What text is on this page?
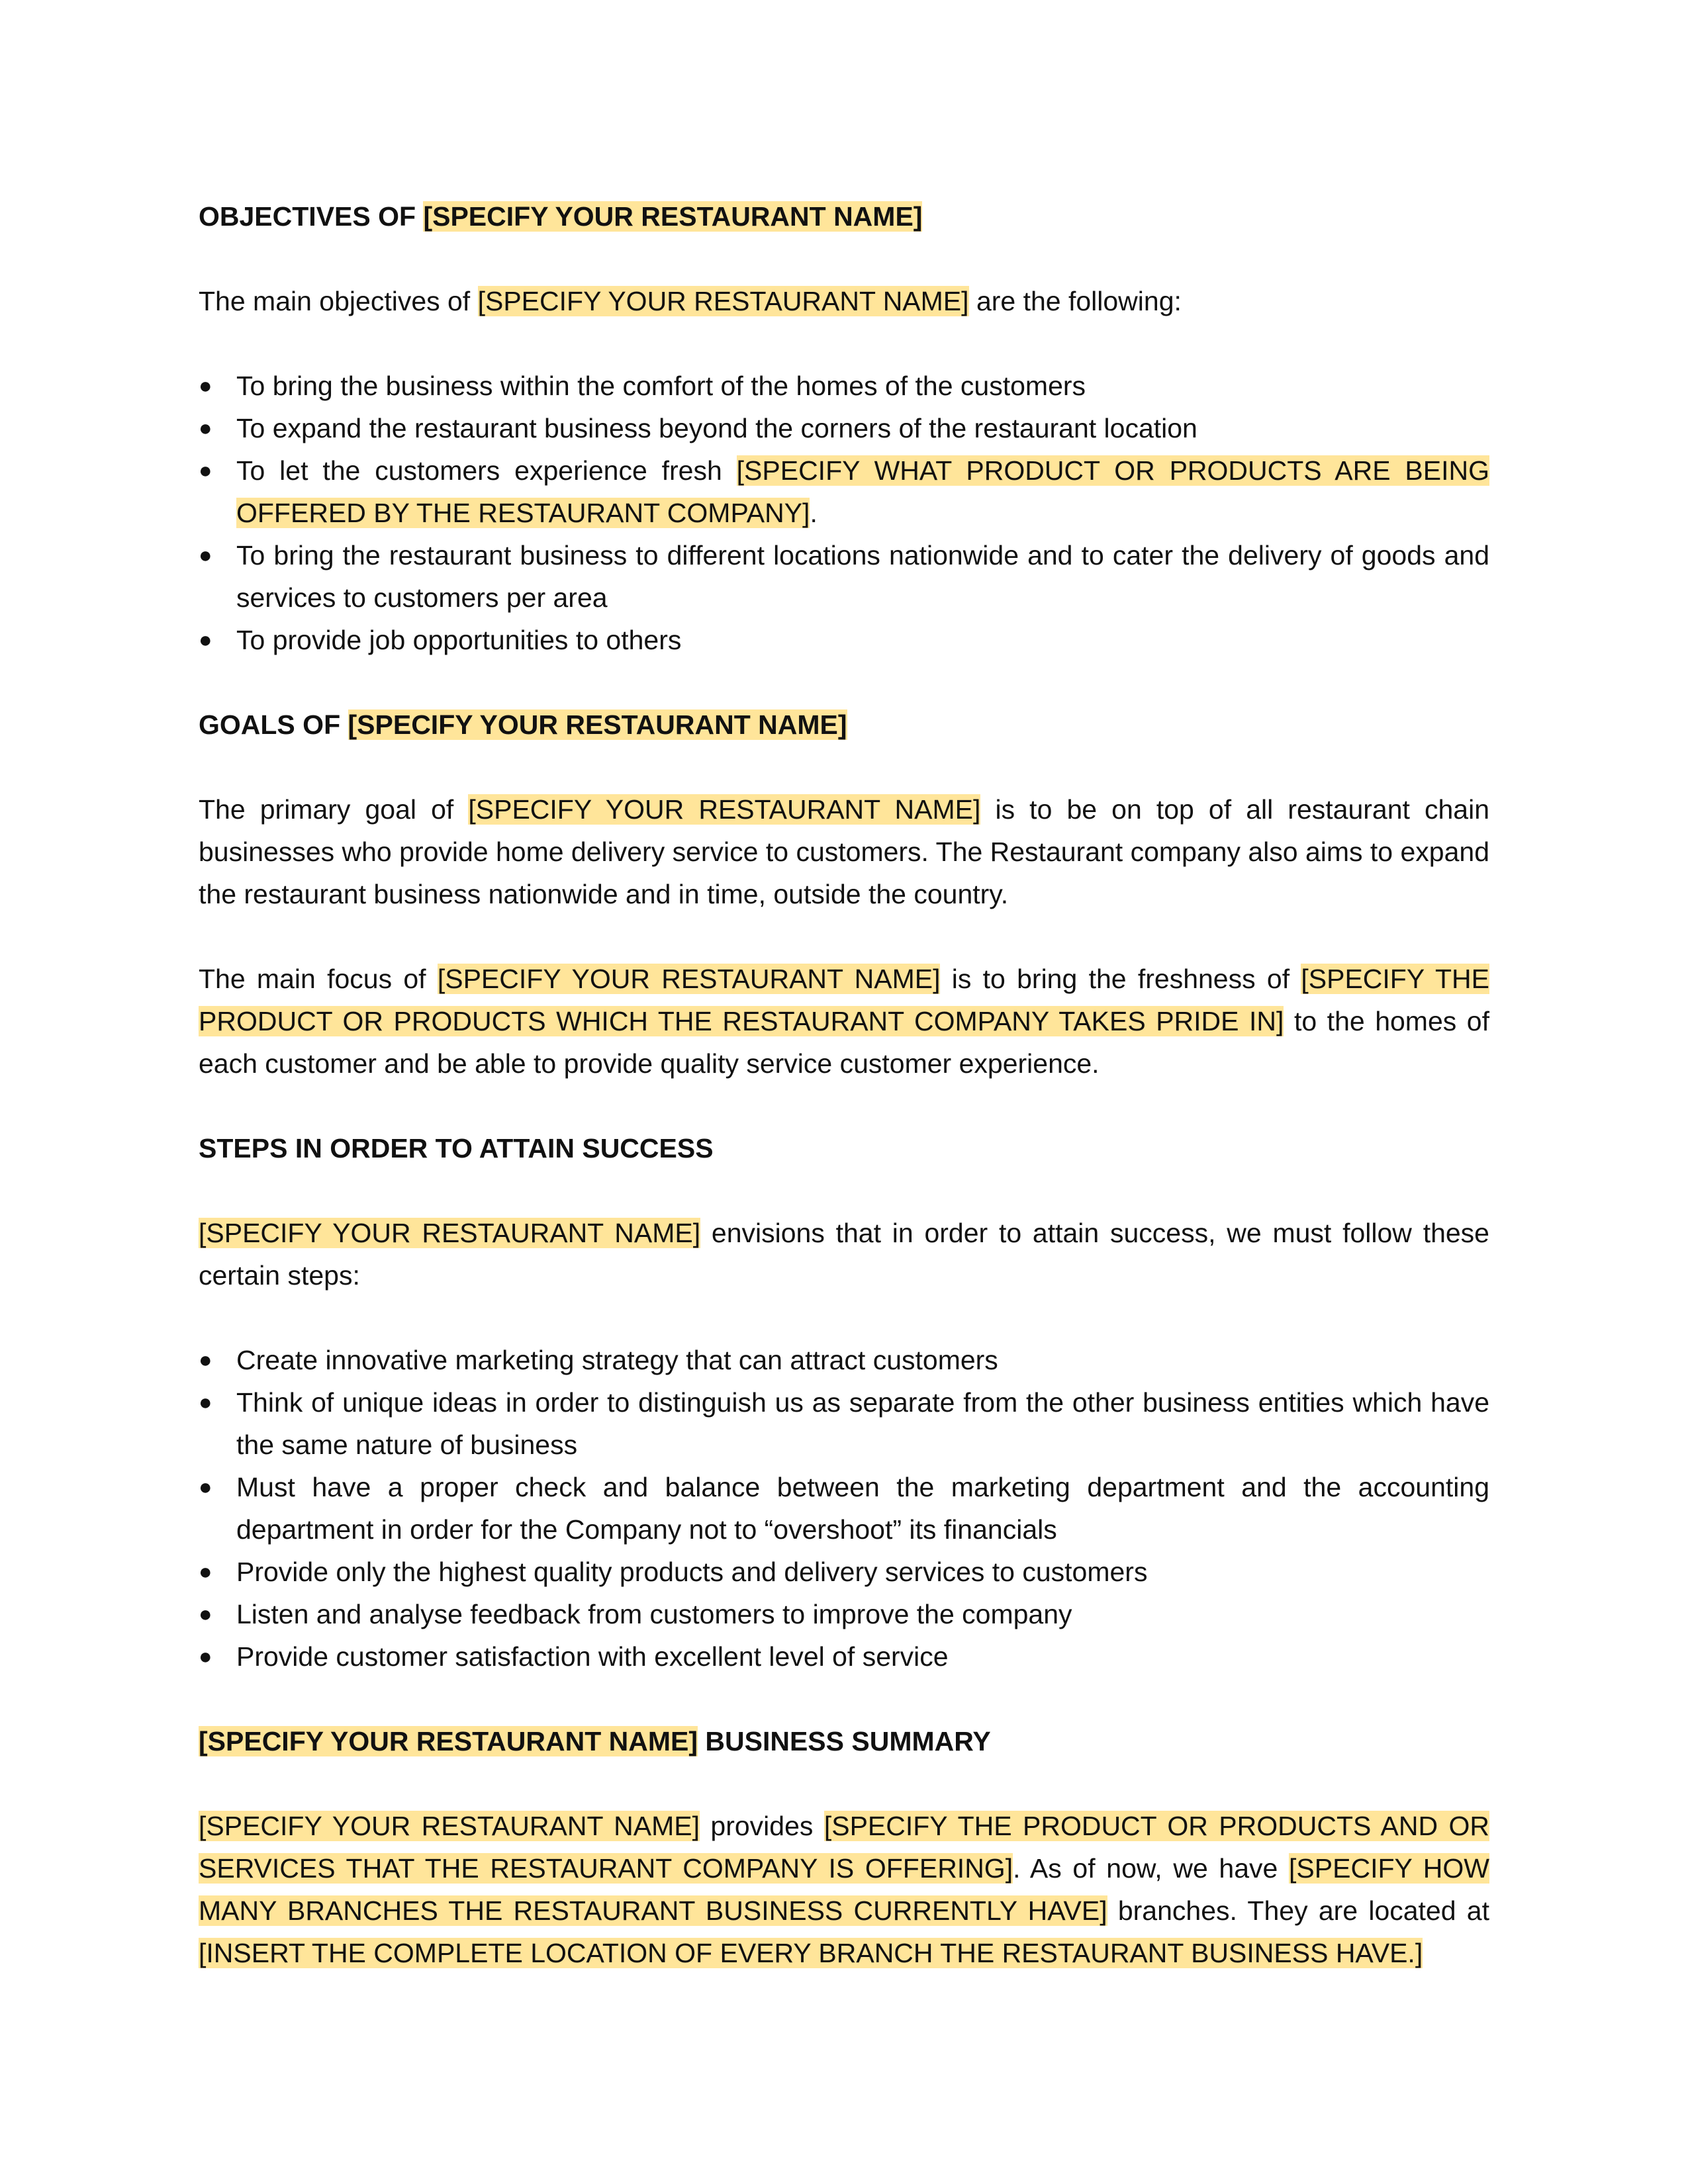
OBJECTIVES OF [SPECIFY YOUR RESTAURANT NAME]

The main objectives of [SPECIFY YOUR RESTAURANT NAME] are the following:

● To bring the business within the comfort of the homes of the customers
● To expand the restaurant business beyond the corners of the restaurant location
● To let the customers experience fresh [SPECIFY WHAT PRODUCT OR PRODUCTS ARE BEING OFFERED BY THE RESTAURANT COMPANY].
● To bring the restaurant business to different locations nationwide and to cater the delivery of goods and services to customers per area
● To provide job opportunities to others

GOALS OF [SPECIFY YOUR RESTAURANT NAME]

The primary goal of [SPECIFY YOUR RESTAURANT NAME] is to be on top of all restaurant chain businesses who provide home delivery service to customers. The Restaurant company also aims to expand the restaurant business nationwide and in time, outside the country.

The main focus of [SPECIFY YOUR RESTAURANT NAME] is to bring the freshness of [SPECIFY THE PRODUCT OR PRODUCTS WHICH THE RESTAURANT COMPANY TAKES PRIDE IN] to the homes of each customer and be able to provide quality service customer experience.

STEPS IN ORDER TO ATTAIN SUCCESS

[SPECIFY YOUR RESTAURANT NAME] envisions that in order to attain success, we must follow these certain steps:

● Create innovative marketing strategy that can attract customers
● Think of unique ideas in order to distinguish us as separate from the other business entities which have the same nature of business
● Must have a proper check and balance between the marketing department and the accounting department in order for the Company not to “overshoot” its financials
● Provide only the highest quality products and delivery services to customers
● Listen and analyse feedback from customers to improve the company
● Provide customer satisfaction with excellent level of service

[SPECIFY YOUR RESTAURANT NAME] BUSINESS SUMMARY

[SPECIFY YOUR RESTAURANT NAME] provides [SPECIFY THE PRODUCT OR PRODUCTS AND OR SERVICES THAT THE RESTAURANT COMPANY IS OFFERING]. As of now, we have [SPECIFY HOW MANY BRANCHES THE RESTAURANT BUSINESS CURRENTLY HAVE] branches. They are located at [INSERT THE COMPLETE LOCATION OF EVERY BRANCH THE RESTAURANT BUSINESS HAVE.]
